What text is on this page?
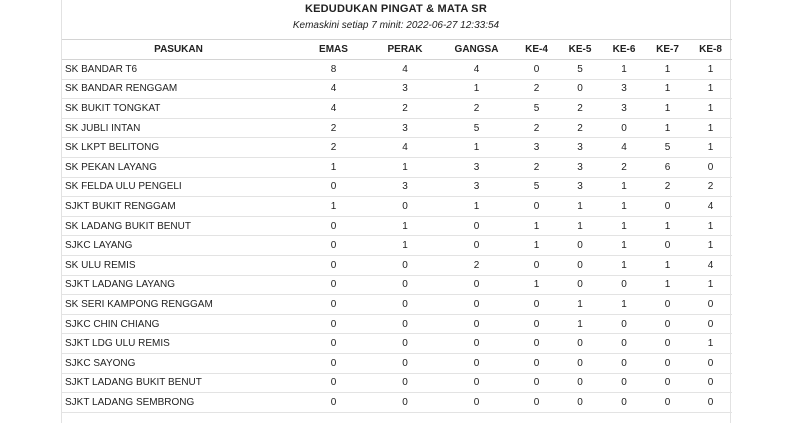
KEDUDUKAN PINGAT & MATA SR
Kemaskini setiap 7 minit: 2022-06-27 12:33:54
PASUKAN	EMAS	PERAK	GANGSA	KE-4	KE-5	KE-6	KE-7	KE-8
SK BANDAR T6	8	4	4	0	5	1	1	1
SK BANDAR RENGGAM	4	3	1	2	0	3	1	1
SK BUKIT TONGKAT	4	2	2	5	2	3	1	1
SK JUBLI INTAN	2	3	5	2	2	0	1	1
SK LKPT BELITONG	2	4	1	3	3	4	5	1
SK PEKAN LAYANG	1	1	3	2	3	2	6	0
SK FELDA ULU PENGELI	0	3	3	5	3	1	2	2
SJKT BUKIT RENGGAM	1	0	1	0	1	1	0	4
SK LADANG BUKIT BENUT	0	1	0	1	1	1	1	1
SJKC LAYANG	0	1	0	1	0	1	0	1
SK ULU REMIS	0	0	2	0	0	1	1	4
SJKT LADANG LAYANG	0	0	0	1	0	0	1	1
SK SERI KAMPONG RENGGAM	0	0	0	0	1	1	0	0
SJKC CHIN CHIANG	0	0	0	0	1	0	0	0
SJKT LDG ULU REMIS	0	0	0	0	0	0	0	1
SJKC SAYONG	0	0	0	0	0	0	0	0
SJKT LADANG BUKIT BENUT	0	0	0	0	0	0	0	0
SJKT LADANG SEMBRONG	0	0	0	0	0	0	0	0
